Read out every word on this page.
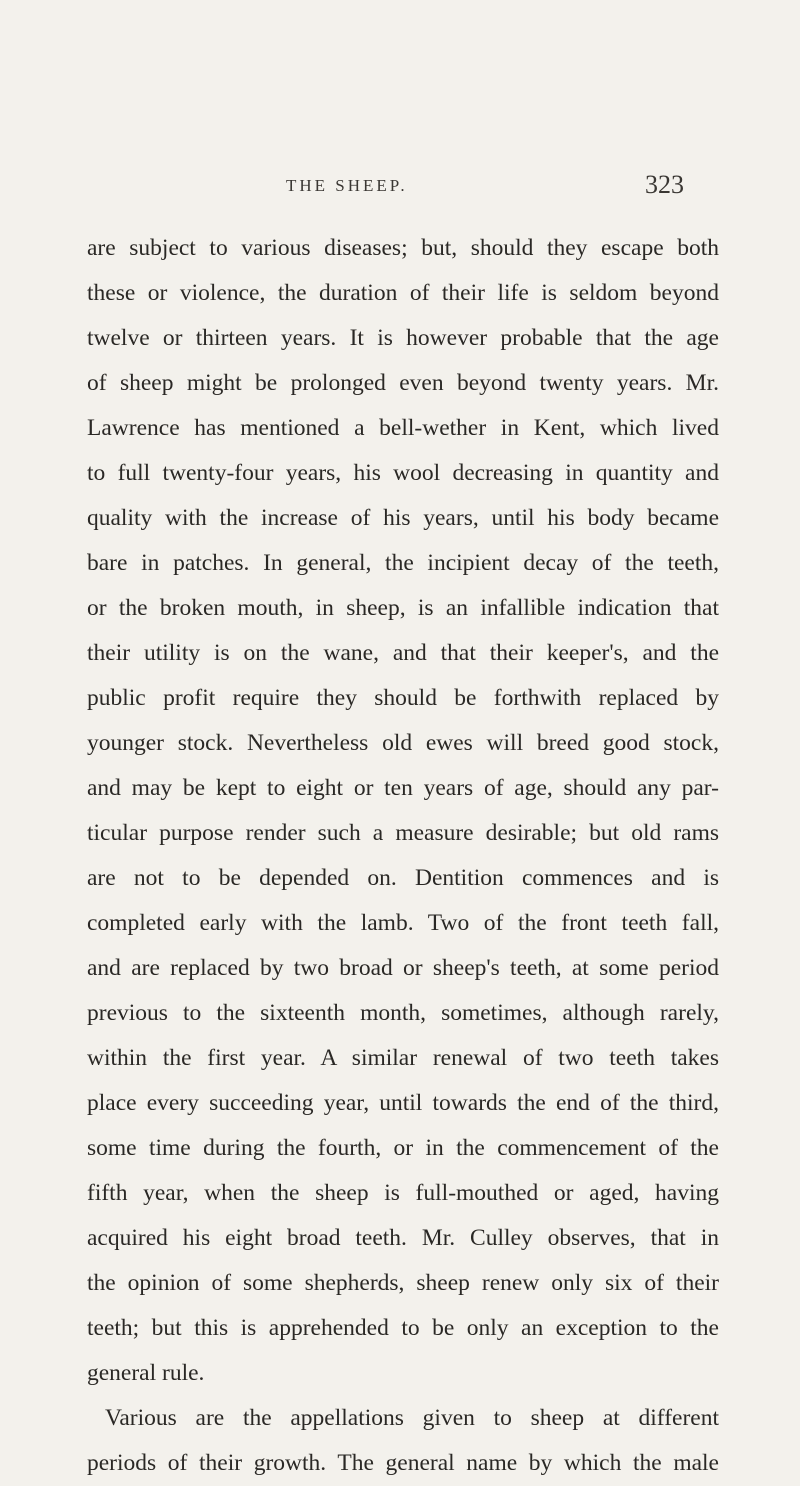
THE SHEEP.	323
are subject to various diseases; but, should they escape both
these or violence, the duration of their life is seldom beyond
twelve or thirteen years. It is however probable that the age
of sheep might be prolonged even beyond twenty years. Mr.
Lawrence has mentioned a bell-wether in Kent, which lived
to full twenty-four years, his wool decreasing in quantity and
quality with the increase of his years, until his body became
bare in patches. In general, the incipient decay of the teeth,
or the broken mouth, in sheep, is an infallible indication that
their utility is on the wane, and that their keeper's, and the
public profit require they should be forthwith replaced by
younger stock. Nevertheless old ewes will breed good stock,
and may be kept to eight or ten years of age, should any par-
ticular purpose render such a measure desirable; but old rams
are not to be depended on. Dentition commences and is
completed early with the lamb. Two of the front teeth fall,
and are replaced by two broad or sheep's teeth, at some period
previous to the sixteenth month, sometimes, although rarely,
within the first year. A similar renewal of two teeth takes
place every succeeding year, until towards the end of the third,
some time during the fourth, or in the commencement of the
fifth year, when the sheep is full-mouthed or aged, having
acquired his eight broad teeth. Mr. Culley observes, that in
the opinion of some shepherds, sheep renew only six of their
teeth; but this is apprehended to be only an exception to the
general rule.
Various are the appellations given to sheep at different
periods of their growth. The general name by which the male
